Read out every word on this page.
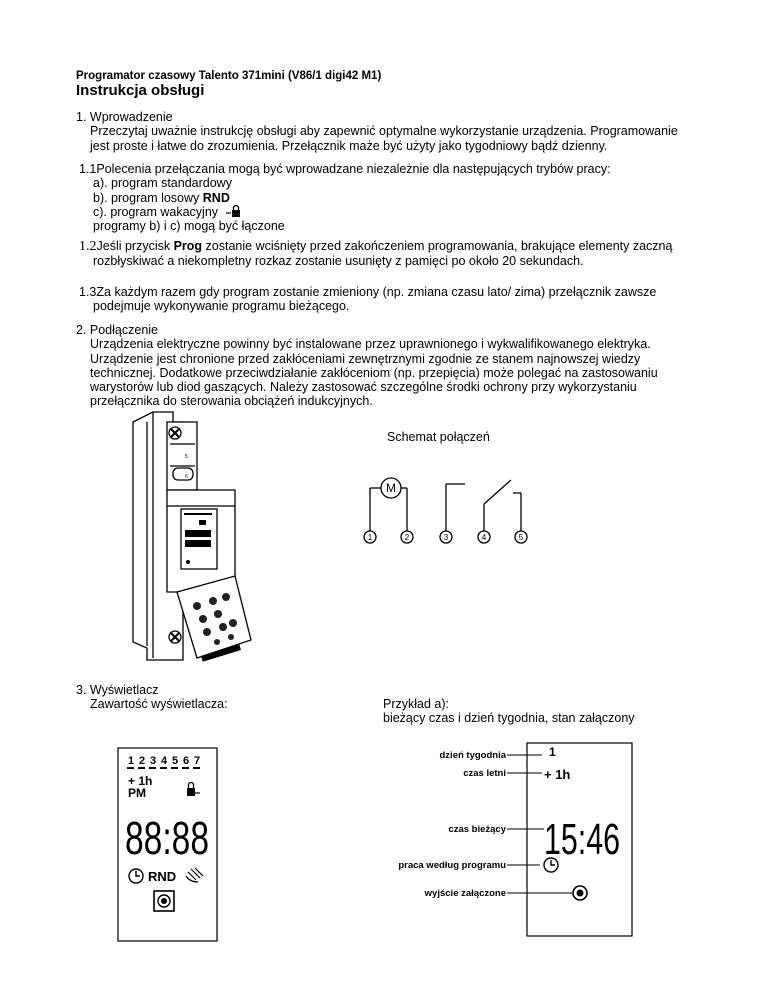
Programator czasowy Talento 371mini (V86/1 digi42 M1)
Instrukcja obsługi
1. Wprowadzenie
Przeczytaj uważnie instrukcję obsługi aby zapewnić optymalne wykorzystanie urządzenia. Programowanie
jest proste i łatwe do zrozumienia. Przełącznik maże być użyty jako tygodniowy bądź dzienny.
1.1Polecenia przełączania mogą być wprowadzane niezależnie dla następujących trybów pracy:
a). program standardowy
b). program losowy RND
c). program wakacyjny
programy b) i c) mogą być łączone
1.2Jeśli przycisk Prog zostanie wciśnięty przed zakończeniem programowania, brakujące elementy zaczną
rozbłyskiwać a niekompletny rozkaz zostanie usunięty z pamięci po około 20 sekundach.
1.3Za każdym razem gdy program zostanie zmieniony (np. zmiana czasu lato/ zima) przełącznik zawsze
podejmuje wykonywanie programu bieżącego.
2. Podłączenie
Urządzenia elektryczne powinny być instalowane przez uprawnionego i wykwalifikowanego elektryka.
Urządzenie jest chronione przed zakłóceniami zewnętrznymi zgodnie ze stanem najnowszej wiedzy
technicznej. Dodatkowe przeciwdziałanie zakłóceniom (np. przepięcia) może polegać na zastosowaniu
warystorów lub diod gaszących. Należy zastosować szczególne środki ochrony przy wykorzystaniu
przełącznika do sterowania obciążeń indukcyjnych.
5
6
Schemat połączeń
M
1	2	3	4	5
3. Wyświetlacz
Zawartość wyświetlacza:	Przykład a):
bieżący czas i dzień tygodnia, stan załączony
1 2 3 4 5 6 7
+ 1h
PM
88:88
RND
dzień tygodnia
czas letni
czas bieżący
praca według programu
wyjście załączone
1
+ 1h
15:46
